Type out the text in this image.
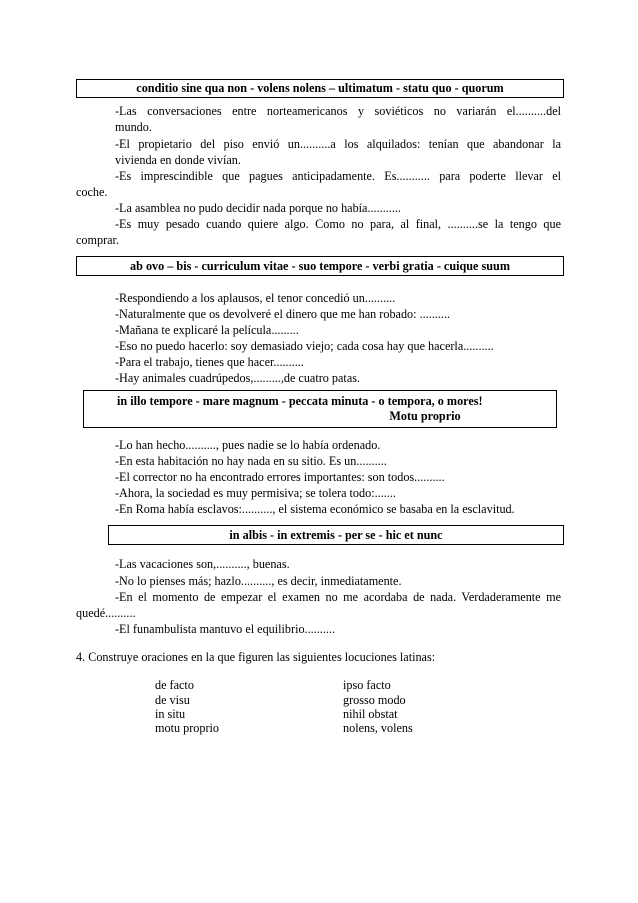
conditio sine qua non - volens nolens – ultimatum - statu quo - quorum
-Las conversaciones entre norteamericanos y soviéticos no variarán el..........del
mundo.
-El propietario del piso envió un..........a los alquilados: tenían que abandonar la
vivienda en donde vivían.
-Es imprescindible que pagues anticipadamente. Es........... para poderte llevar el
coche.
-La asamblea no pudo decidir nada porque no había...........
-Es muy pesado cuando quiere algo. Como no para, al final, ..........se la tengo que
comprar.
ab ovo – bis - curriculum vitae - suo tempore - verbi gratia - cuique suum
-Respondiendo a los aplausos, el tenor concedió un..........
-Naturalmente que os devolveré el dinero que me han robado: ..........
-Mañana te explicaré la película.........
-Eso no puedo hacerlo: soy demasiado viejo; cada cosa hay que hacerla..........
-Para el trabajo, tienes que hacer..........
-Hay animales cuadrúpedos,.........,de cuatro patas.
in illo tempore - mare magnum - peccata minuta - o tempora, o mores!
Motu proprio
-Lo han hecho.........., pues nadie se lo había ordenado.
-En esta habitación no hay nada en su sitio. Es un..........
-El corrector no ha encontrado errores importantes: son todos..........
-Ahora, la sociedad es muy permisiva; se tolera todo:.......
-En Roma había esclavos:.........., el sistema económico se basaba en la esclavitud.
in albis - in extremis - per se - hic et nunc
-Las vacaciones son,.........., buenas.
-No lo pienses más; hazlo.........., es decir, inmediatamente.
-En el momento de empezar el examen no me acordaba de nada. Verdaderamente me
quedé..........
-El funambulista mantuvo el equilibrio..........
4. Construye oraciones en la que figuren las siguientes locuciones latinas:
de facto
de visu
in situ
motu proprio
ipso facto
grosso modo
nihil obstat
nolens, volens
